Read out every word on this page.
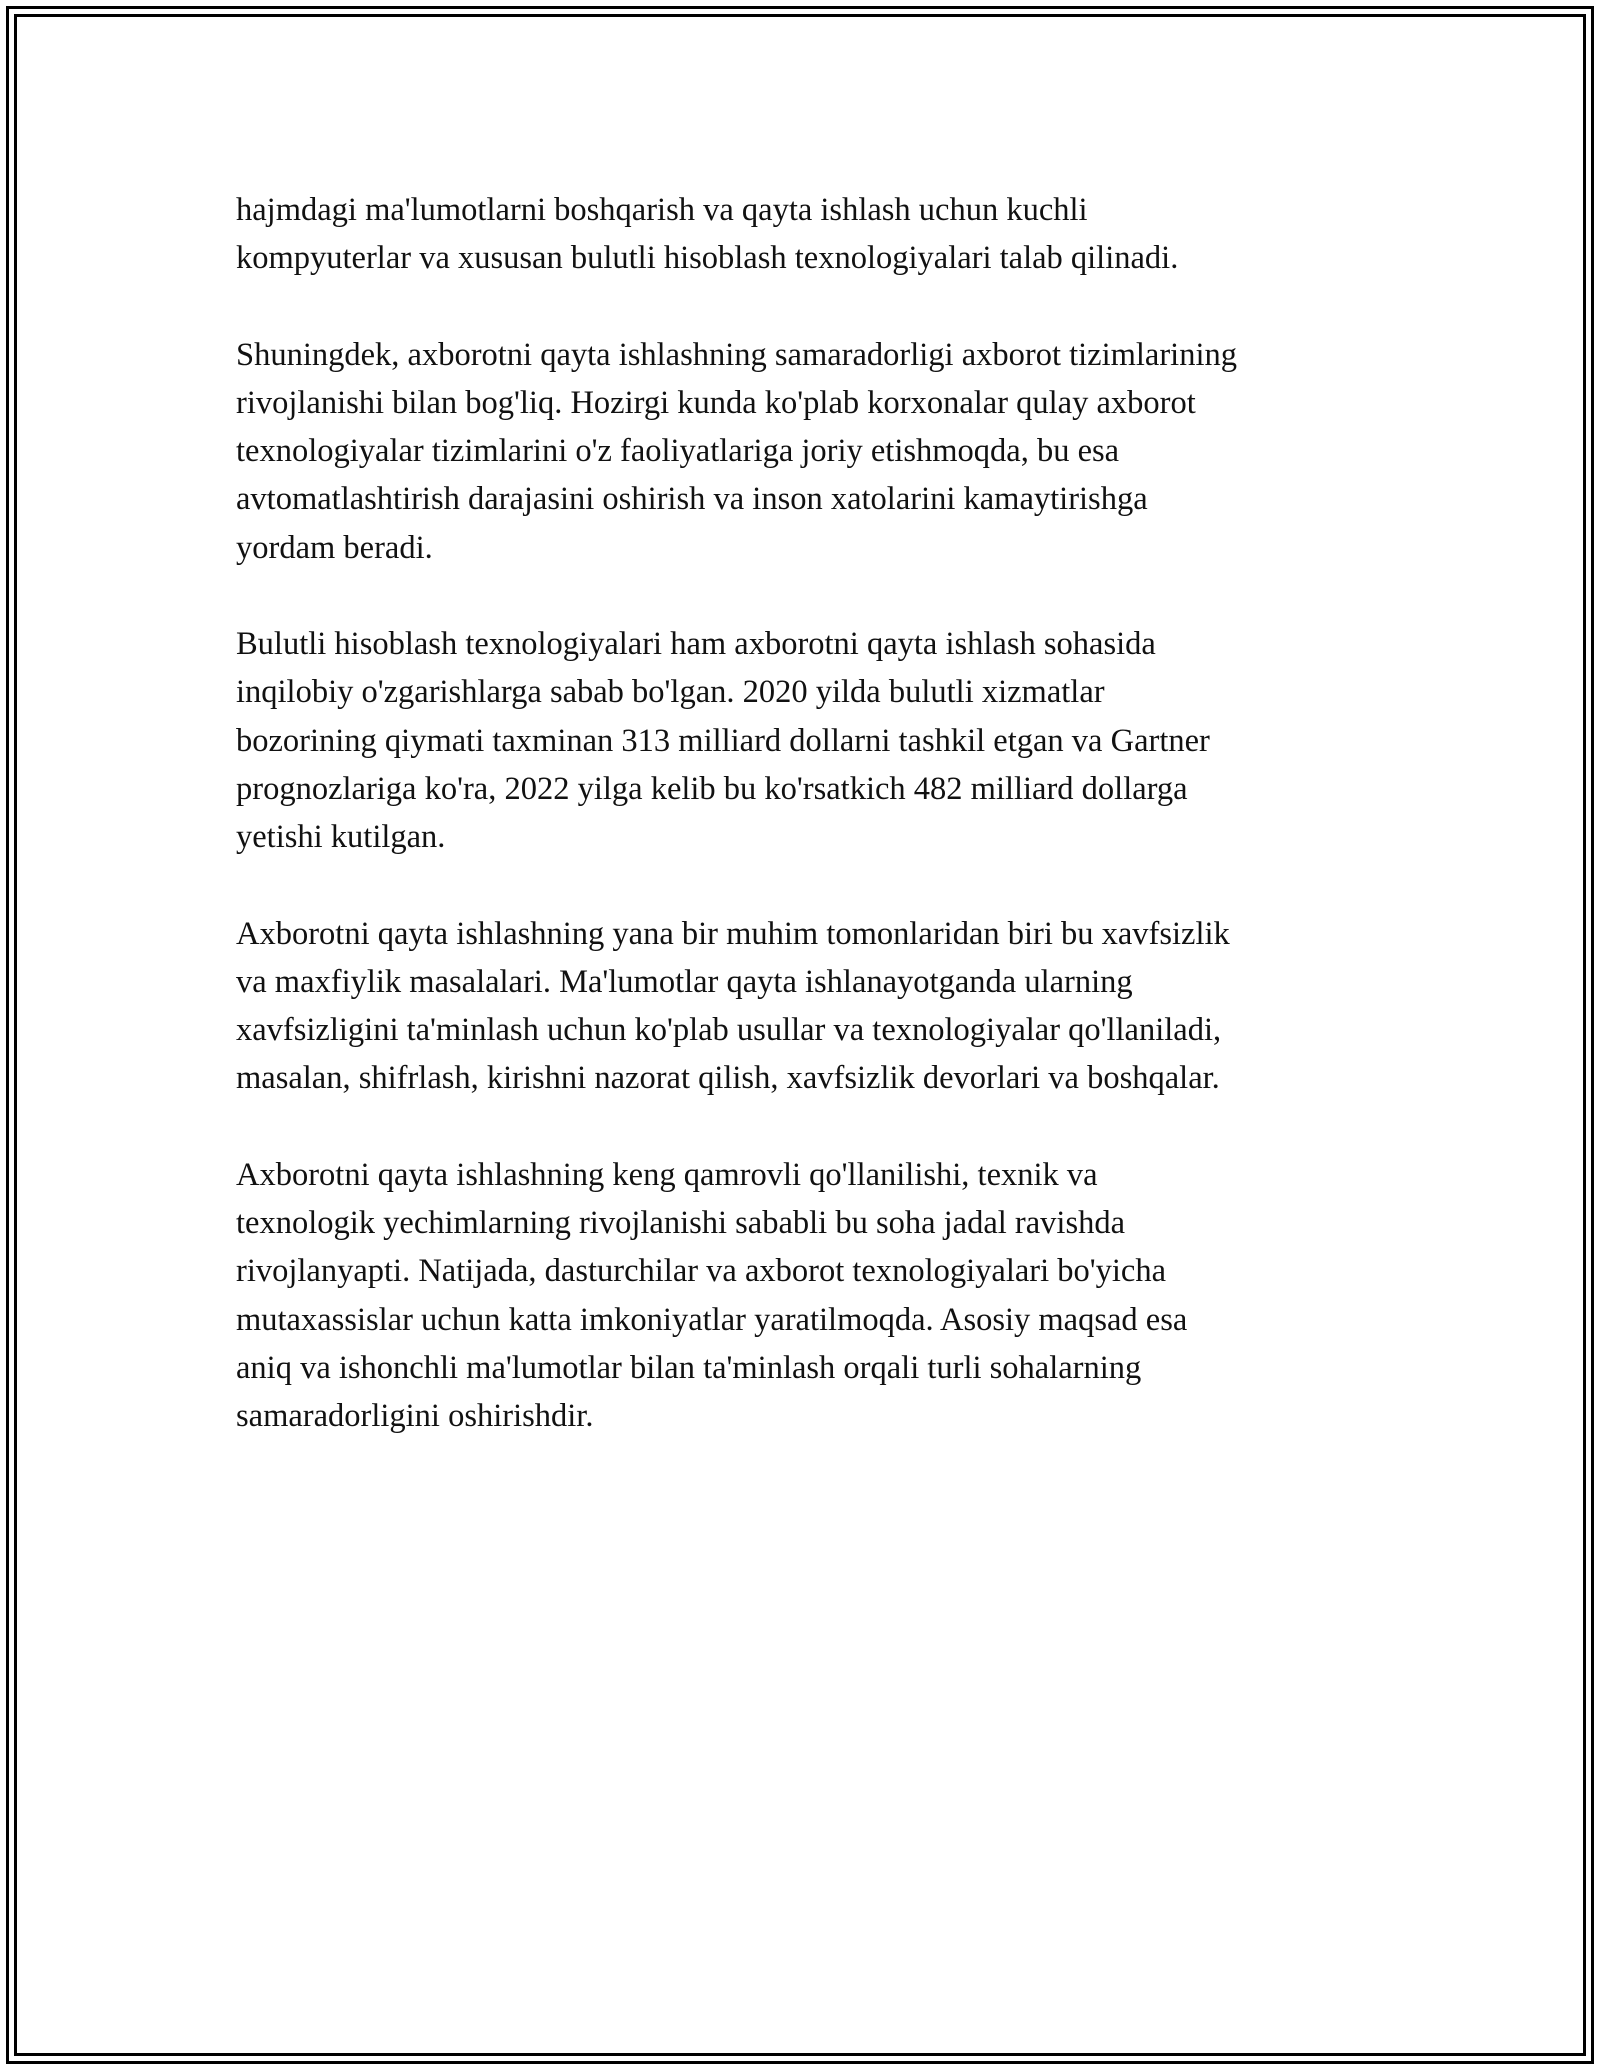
hajmdagi ma'lumotlarni boshqarish va qayta ishlash uchun kuchli
kompyuterlar va xususan bulutli hisoblash texnologiyalari talab qilinadi.

Shuningdek, axborotni qayta ishlashning samaradorligi axborot tizimlarining
rivojlanishi bilan bog'liq. Hozirgi kunda ko'plab korxonalar qulay axborot
texnologiyalar tizimlarini o'z faoliyatlariga joriy etishmoqda, bu esa
avtomatlashtirish darajasini oshirish va inson xatolarini kamaytirishga
yordam beradi.

Bulutli hisoblash texnologiyalari ham axborotni qayta ishlash sohasida
inqilobiy o'zgarishlarga sabab bo'lgan. 2020 yilda bulutli xizmatlar
bozorining qiymati taxminan 313 milliard dollarni tashkil etgan va Gartner
prognozlariga ko'ra, 2022 yilga kelib bu ko'rsatkich 482 milliard dollarga
yetishi kutilgan.

Axborotni qayta ishlashning yana bir muhim tomonlaridan biri bu xavfsizlik
va maxfiylik masalalari. Ma'lumotlar qayta ishlanayotganda ularning
xavfsizligini ta'minlash uchun ko'plab usullar va texnologiyalar qo'llaniladi,
masalan, shifrlash, kirishni nazorat qilish, xavfsizlik devorlari va boshqalar.

Axborotni qayta ishlashning keng qamrovli qo'llanilishi, texnik va
texnologik yechimlarning rivojlanishi sababli bu soha jadal ravishda
rivojlanyapti. Natijada, dasturchilar va axborot texnologiyalari bo'yicha
mutaxassislar uchun katta imkoniyatlar yaratilmoqda. Asosiy maqsad esa
aniq va ishonchli ma'lumotlar bilan ta'minlash orqali turli sohalarning
samaradorligini oshirishdir.
